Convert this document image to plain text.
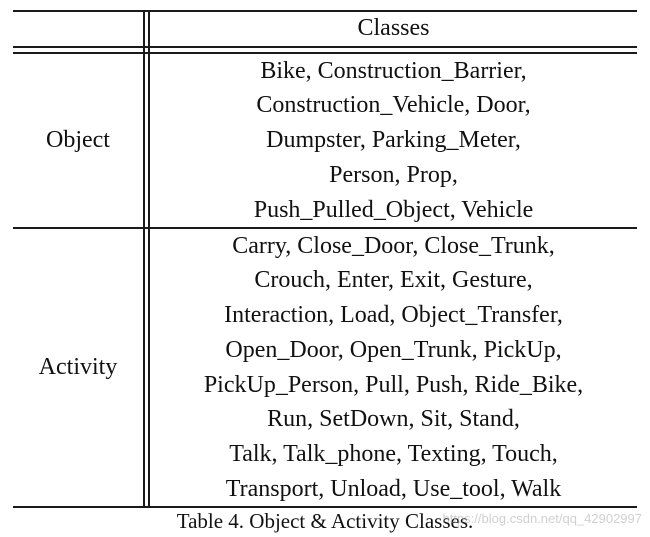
Classes
Object
Bike, Construction_Barrier,
Construction_Vehicle, Door,
Dumpster, Parking_Meter,
Person, Prop,
Push_Pulled_Object, Vehicle
Activity
Carry, Close_Door, Close_Trunk,
Crouch, Enter, Exit, Gesture,
Interaction, Load, Object_Transfer,
Open_Door, Open_Trunk, PickUp,
PickUp_Person, Pull, Push, Ride_Bike,
Run, SetDown, Sit, Stand,
Talk, Talk_phone, Texting, Touch,
Transport, Unload, Use_tool, Walk
Table 4. Object & Activity Classes.
https://blog.csdn.net/qq_42902997
